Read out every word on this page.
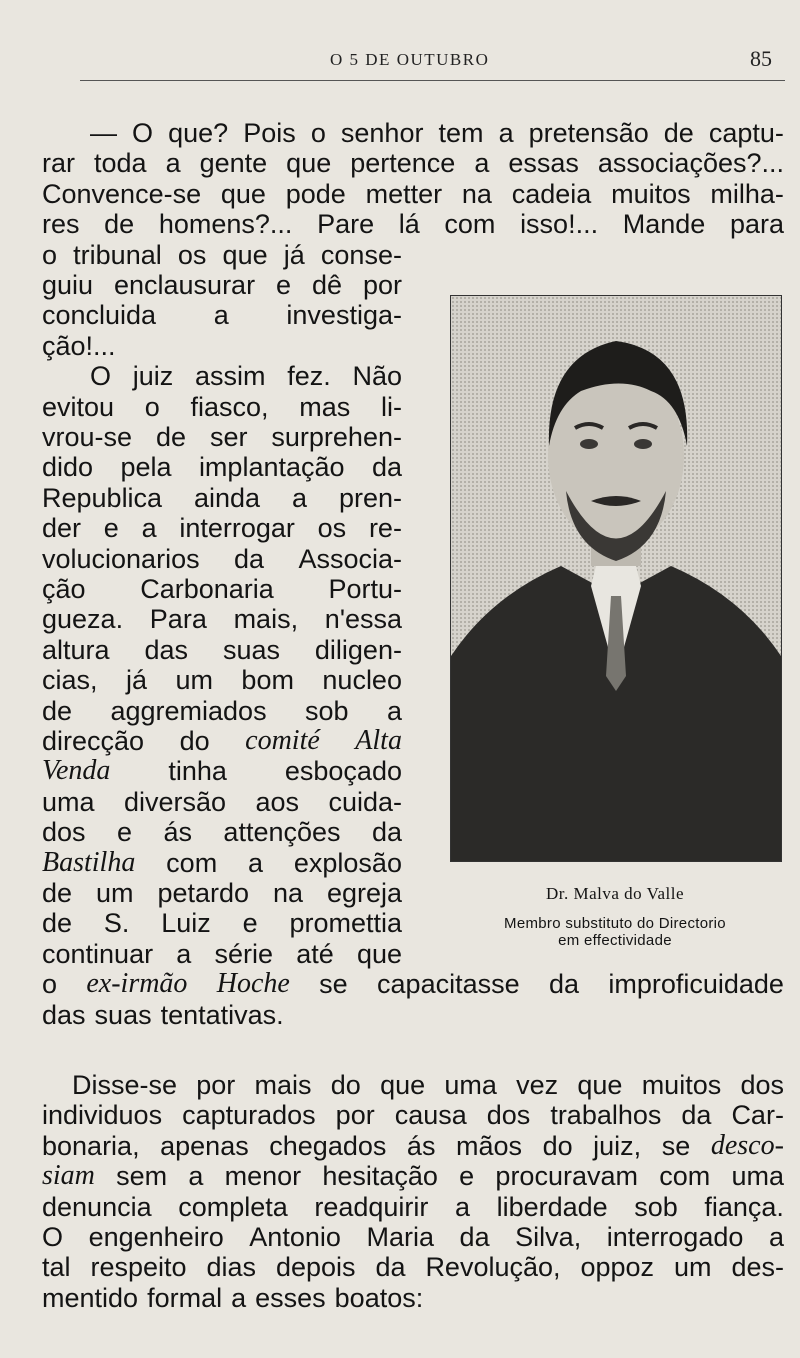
O 5 DE OUTUBRO	85
— O que? Pois o senhor tem a pretensão de captu-
rar toda a gente que pertence a essas associações?...
Convence-se que pode metter na cadeia muitos milha-
res de homens?... Pare lá com isso!... Mande para
o tribunal os que já conse-
guiu enclausurar e dê por
concluida a investiga-
ção!...
O juiz assim fez. Não
evitou o fiasco, mas li-
vrou-se de ser surprehen-
dido pela implantação da
Republica ainda a pren-
der e a interrogar os re-
volucionarios da Associa-
ção Carbonaria Portu-
gueza. Para mais, n'essa
altura das suas diligen-
cias, já um bom nucleo
de aggremiados sob a
direcção do comité Alta
Venda tinha esboçado
uma diversão aos cuida-
dos e ás attenções da
Bastilha com a explosão
de um petardo na egreja
de S. Luiz e promettia
continuar a série até que
o ex-irmão Hoche se capacitasse da improficuidade
das suas tentativas.
Disse-se por mais do que uma vez que muitos dos
individuos capturados por causa dos trabalhos da Car-
bonaria, apenas chegados ás mãos do juiz, se desco-
siam sem a menor hesitação e procuravam com uma
denuncia completa readquirir a liberdade sob fiança.
O engenheiro Antonio Maria da Silva, interrogado a
tal respeito dias depois da Revolução, oppoz um des-
mentido formal a esses boatos:
Dr. Malva do Valle
Membro substituto do Directorio
em effectividade
